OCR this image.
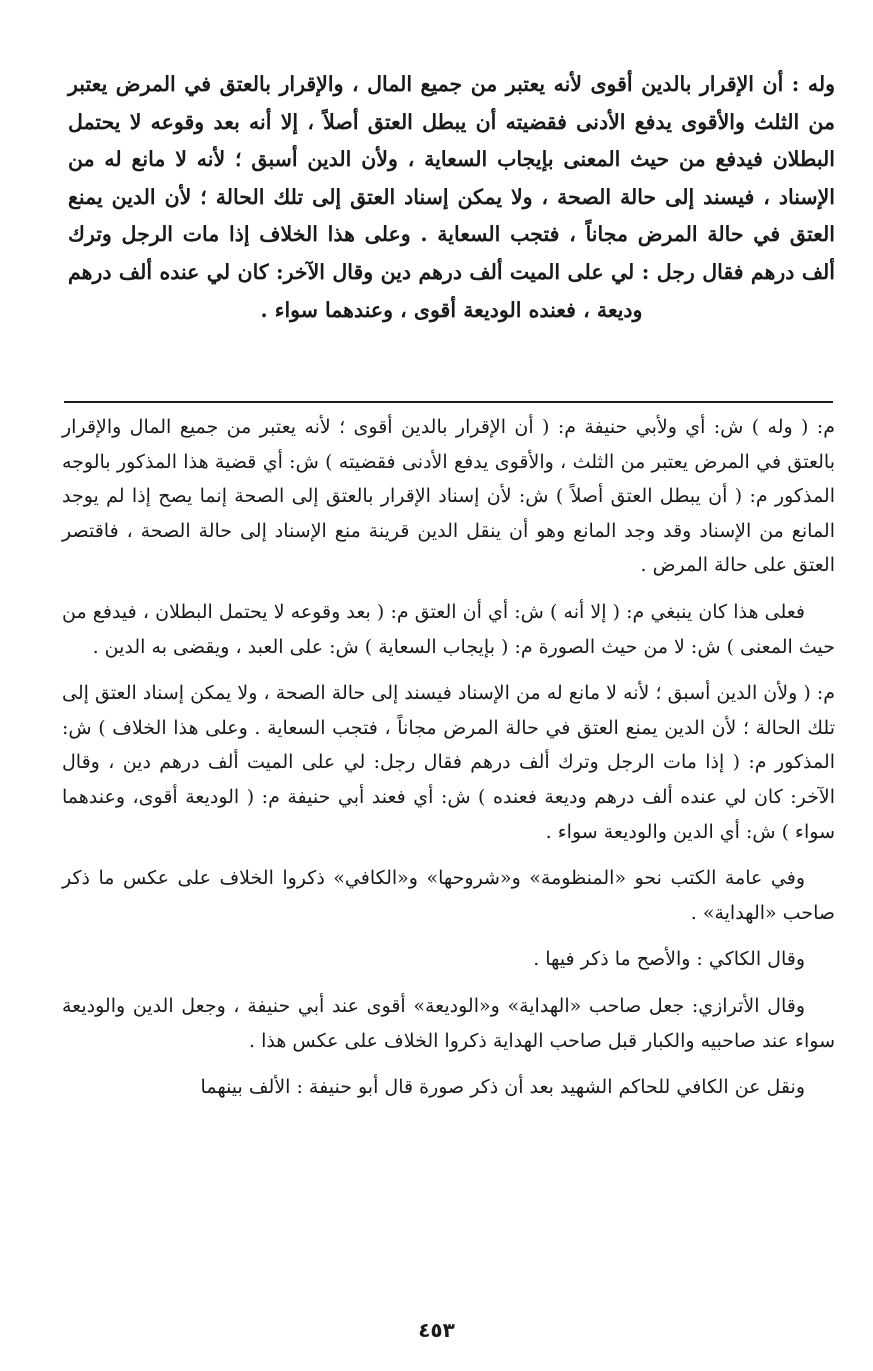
وله : أن الإقرار بالدين أقوى لأنه يعتبر من جميع المال ، والإقرار بالعتق في المرض يعتبر من الثلث والأقوى يدفع الأدنى فقضيته أن يبطل العتق أصلاً ، إلا أنه بعد وقوعه لا يحتمل البطلان فيدفع من حيث المعنى بإيجاب السعاية ، ولأن الدين أسبق ؛ لأنه لا مانع له من الإسناد ، فيسند إلى حالة الصحة ، ولا يمكن إسناد العتق إلى تلك الحالة ؛ لأن الدين يمنع العتق في حالة المرض مجاناً ، فتجب السعاية . وعلى هذا الخلاف إذا مات الرجل وترك ألف درهم فقال رجل : لي على الميت ألف درهم دين وقال الآخر: كان لي عنده ألف درهم وديعة ، فعنده الوديعة أقوى ، وعندهما سواء .

م: ( وله ) ش: أي ولأبي حنيفة م: ( أن الإقرار بالدين أقوى ؛ لأنه يعتبر من جميع المال والإقرار بالعتق في المرض يعتبر من الثلث ، والأقوى يدفع الأدنى فقضيته ) ش: أي قضية هذا المذكور بالوجه المذكور م: ( أن يبطل العتق أصلاً ) ش: لأن إسناد الإقرار بالعتق إلى الصحة إنما يصح إذا لم يوجد المانع من الإسناد وقد وجد المانع وهو أن ينقل الدين قرينة منع الإسناد إلى حالة الصحة ، فاقتصر العتق على حالة المرض .

فعلى هذا كان ينبغي م: ( إلا أنه ) ش: أي أن العتق م: ( بعد وقوعه لا يحتمل البطلان ، فيدفع من حيث المعنى ) ش: لا من حيث الصورة م: ( بإيجاب السعاية ) ش: على العبد ، ويقضى به الدين .

م: ( ولأن الدين أسبق ؛ لأنه لا مانع له من الإسناد فيسند إلى حالة الصحة ، ولا يمكن إسناد العتق إلى تلك الحالة ؛ لأن الدين يمنع العتق في حالة المرض مجاناً ، فتجب السعاية . وعلى هذا الخلاف ) ش: المذكور م: ( إذا مات الرجل وترك ألف درهم فقال رجل: لي على الميت ألف درهم دين ، وقال الآخر: كان لي عنده ألف درهم وديعة فعنده ) ش: أي فعند أبي حنيفة م: ( الوديعة أقوى، وعندهما سواء ) ش: أي الدين والوديعة سواء .

وفي عامة الكتب نحو «المنظومة» و«شروحها» و«الكافي» ذكروا الخلاف على عكس ما ذكر صاحب «الهداية» .

وقال الكاكي : والأصح ما ذكر فيها .

وقال الأترازي: جعل صاحب «الهداية» و«الوديعة» أقوى عند أبي حنيفة ، وجعل الدين والوديعة سواء عند صاحبيه والكبار قبل صاحب الهداية ذكروا الخلاف على عكس هذا .

ونقل عن الكافي للحاكم الشهيد بعد أن ذكر صورة قال أبو حنيفة : الألف بينهما

٤٥٣
